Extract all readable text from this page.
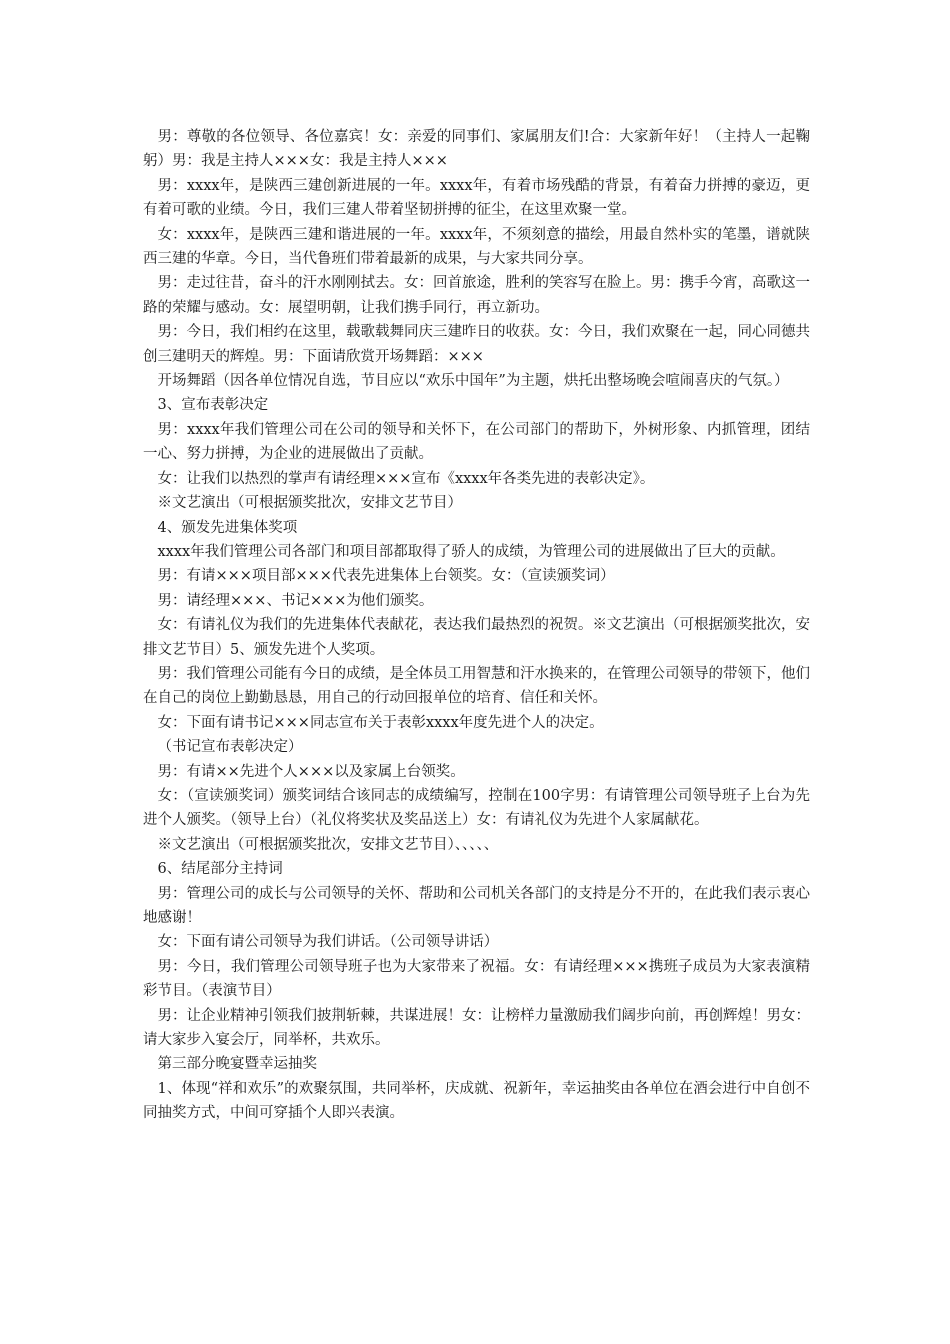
男：尊敬的各位领导、各位嘉宾！女：亲爱的同事们、家属朋友们!合：大家新年好！（主持人一起鞠躬）男：我是主持人×××女：我是主持人×××

男：xxxx年，是陕西三建创新进展的一年。xxxx年，有着市场残酷的背景，有着奋力拼搏的豪迈，更有着可歌的业绩。今日，我们三建人带着坚韧拼搏的征尘，在这里欢聚一堂。

女：xxxx年，是陕西三建和谐进展的一年。xxxx年，不须刻意的描绘，用最自然朴实的笔墨，谱就陕西三建的华章。今日，当代鲁班们带着最新的成果，与大家共同分享。

男：走过往昔，奋斗的汗水刚刚拭去。女：回首旅途，胜利的笑容写在脸上。男：携手今宵，高歌这一路的荣耀与感动。女：展望明朝，让我们携手同行，再立新功。

男：今日，我们相约在这里，载歌载舞同庆三建昨日的收获。女：今日，我们欢聚在一起，同心同德共创三建明天的辉煌。男：下面请欣赏开场舞蹈：×××

开场舞蹈（因各单位情况自选，节目应以“欢乐中国年”为主题，烘托出整场晚会喧闹喜庆的气氛。）

3、宣布表彰决定

男：xxxx年我们管理公司在公司的领导和关怀下，在公司部门的帮助下，外树形象、内抓管理，团结一心、努力拼搏，为企业的进展做出了贡献。

女：让我们以热烈的掌声有请经理×××宣布《xxxx年各类先进的表彰决定》。

※文艺演出（可根据颁奖批次，安排文艺节目）

4、颁发先进集体奖项

xxxx年我们管理公司各部门和项目部都取得了骄人的成绩，为管理公司的进展做出了巨大的贡献。

男：有请×××项目部×××代表先进集体上台领奖。女：（宣读颁奖词）

男：请经理×××、书记×××为他们颁奖。

女：有请礼仪为我们的先进集体代表献花，表达我们最热烈的祝贺。※文艺演出（可根据颁奖批次，安排文艺节目）5、颁发先进个人奖项。

男：我们管理公司能有今日的成绩，是全体员工用智慧和汗水换来的，在管理公司领导的带领下，他们在自己的岗位上勤勤恳恳，用自己的行动回报单位的培育、信任和关怀。

女：下面有请书记×××同志宣布关于表彰xxxx年度先进个人的决定。

（书记宣布表彰决定）

男：有请××先进个人×××以及家属上台领奖。

女：（宣读颁奖词）颁奖词结合该同志的成绩编写，控制在100字男：有请管理公司领导班子上台为先进个人颁奖。（领导上台）（礼仪将奖状及奖品送上）女：有请礼仪为先进个人家属献花。

※文艺演出（可根据颁奖批次，安排文艺节目）、、、、、

6、结尾部分主持词

男：管理公司的成长与公司领导的关怀、帮助和公司机关各部门的支持是分不开的，在此我们表示衷心地感谢！

女：下面有请公司领导为我们讲话。（公司领导讲话）

男：今日，我们管理公司领导班子也为大家带来了祝福。女：有请经理×××携班子成员为大家表演精彩节目。（表演节目）

男：让企业精神引领我们披荆斩棘，共谋进展！女：让榜样力量激励我们阔步向前，再创辉煌！男女：请大家步入宴会厅，同举杯，共欢乐。

第三部分晚宴暨幸运抽奖

1、体现“祥和欢乐”的欢聚氛围，共同举杯，庆成就、祝新年，幸运抽奖由各单位在酒会进行中自创不同抽奖方式，中间可穿插个人即兴表演。
